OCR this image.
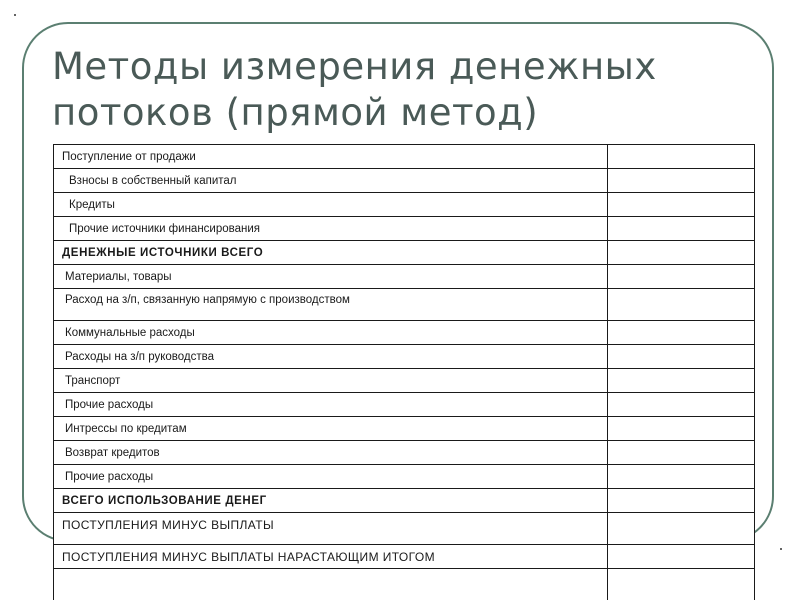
Методы измерения денежных потоков (прямой метод)
Поступление от продажи	
Взносы в собственный капитал	
Кредиты	
Прочие источники финансирования	
ДЕНЕЖНЫЕ ИСТОЧНИКИ ВСЕГО	
Материалы, товары	
Расход на з/п, связанную напрямую с производством	
Коммунальные расходы	
Расходы на з/п руководства	
Транспорт	
Прочие расходы	
Интрессы по кредитам	
Возврат кредитов	
Прочие расходы	
ВСЕГО ИСПОЛЬЗОВАНИЕ ДЕНЕГ	
ПОСТУПЛЕНИЯ МИНУС ВЫПЛАТЫ	
ПОСТУПЛЕНИЯ МИНУС ВЫПЛАТЫ НАРАСТАЮЩИМ ИТОГОМ	
